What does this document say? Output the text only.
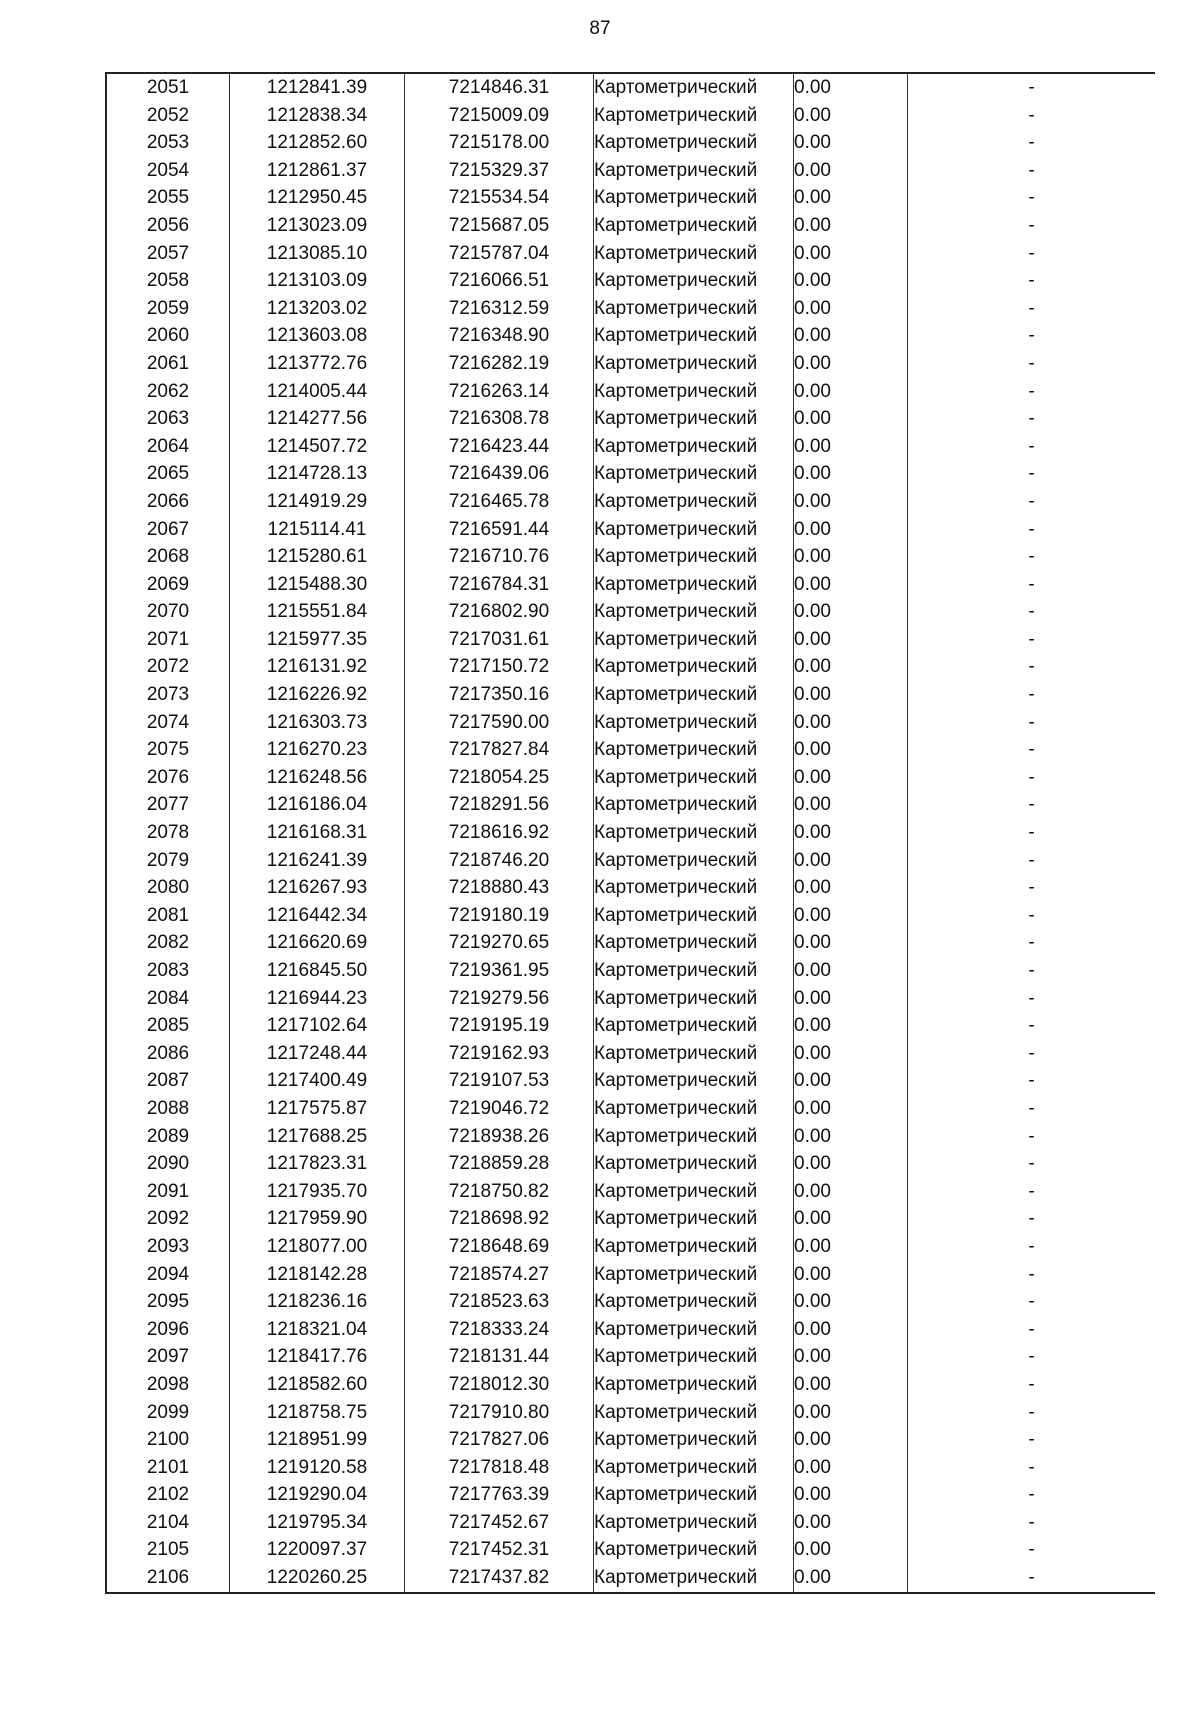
87
2051	1212841.39	7214846.31	Картометрический	0.00	-
2052	1212838.34	7215009.09	Картометрический	0.00	-
2053	1212852.60	7215178.00	Картометрический	0.00	-
2054	1212861.37	7215329.37	Картометрический	0.00	-
2055	1212950.45	7215534.54	Картометрический	0.00	-
2056	1213023.09	7215687.05	Картометрический	0.00	-
2057	1213085.10	7215787.04	Картометрический	0.00	-
2058	1213103.09	7216066.51	Картометрический	0.00	-
2059	1213203.02	7216312.59	Картометрический	0.00	-
2060	1213603.08	7216348.90	Картометрический	0.00	-
2061	1213772.76	7216282.19	Картометрический	0.00	-
2062	1214005.44	7216263.14	Картометрический	0.00	-
2063	1214277.56	7216308.78	Картометрический	0.00	-
2064	1214507.72	7216423.44	Картометрический	0.00	-
2065	1214728.13	7216439.06	Картометрический	0.00	-
2066	1214919.29	7216465.78	Картометрический	0.00	-
2067	1215114.41	7216591.44	Картометрический	0.00	-
2068	1215280.61	7216710.76	Картометрический	0.00	-
2069	1215488.30	7216784.31	Картометрический	0.00	-
2070	1215551.84	7216802.90	Картометрический	0.00	-
2071	1215977.35	7217031.61	Картометрический	0.00	-
2072	1216131.92	7217150.72	Картометрический	0.00	-
2073	1216226.92	7217350.16	Картометрический	0.00	-
2074	1216303.73	7217590.00	Картометрический	0.00	-
2075	1216270.23	7217827.84	Картометрический	0.00	-
2076	1216248.56	7218054.25	Картометрический	0.00	-
2077	1216186.04	7218291.56	Картометрический	0.00	-
2078	1216168.31	7218616.92	Картометрический	0.00	-
2079	1216241.39	7218746.20	Картометрический	0.00	-
2080	1216267.93	7218880.43	Картометрический	0.00	-
2081	1216442.34	7219180.19	Картометрический	0.00	-
2082	1216620.69	7219270.65	Картометрический	0.00	-
2083	1216845.50	7219361.95	Картометрический	0.00	-
2084	1216944.23	7219279.56	Картометрический	0.00	-
2085	1217102.64	7219195.19	Картометрический	0.00	-
2086	1217248.44	7219162.93	Картометрический	0.00	-
2087	1217400.49	7219107.53	Картометрический	0.00	-
2088	1217575.87	7219046.72	Картометрический	0.00	-
2089	1217688.25	7218938.26	Картометрический	0.00	-
2090	1217823.31	7218859.28	Картометрический	0.00	-
2091	1217935.70	7218750.82	Картометрический	0.00	-
2092	1217959.90	7218698.92	Картометрический	0.00	-
2093	1218077.00	7218648.69	Картометрический	0.00	-
2094	1218142.28	7218574.27	Картометрический	0.00	-
2095	1218236.16	7218523.63	Картометрический	0.00	-
2096	1218321.04	7218333.24	Картометрический	0.00	-
2097	1218417.76	7218131.44	Картометрический	0.00	-
2098	1218582.60	7218012.30	Картометрический	0.00	-
2099	1218758.75	7217910.80	Картометрический	0.00	-
2100	1218951.99	7217827.06	Картометрический	0.00	-
2101	1219120.58	7217818.48	Картометрический	0.00	-
2102	1219290.04	7217763.39	Картометрический	0.00	-
2104	1219795.34	7217452.67	Картометрический	0.00	-
2105	1220097.37	7217452.31	Картометрический	0.00	-
2106	1220260.25	7217437.82	Картометрический	0.00	-
